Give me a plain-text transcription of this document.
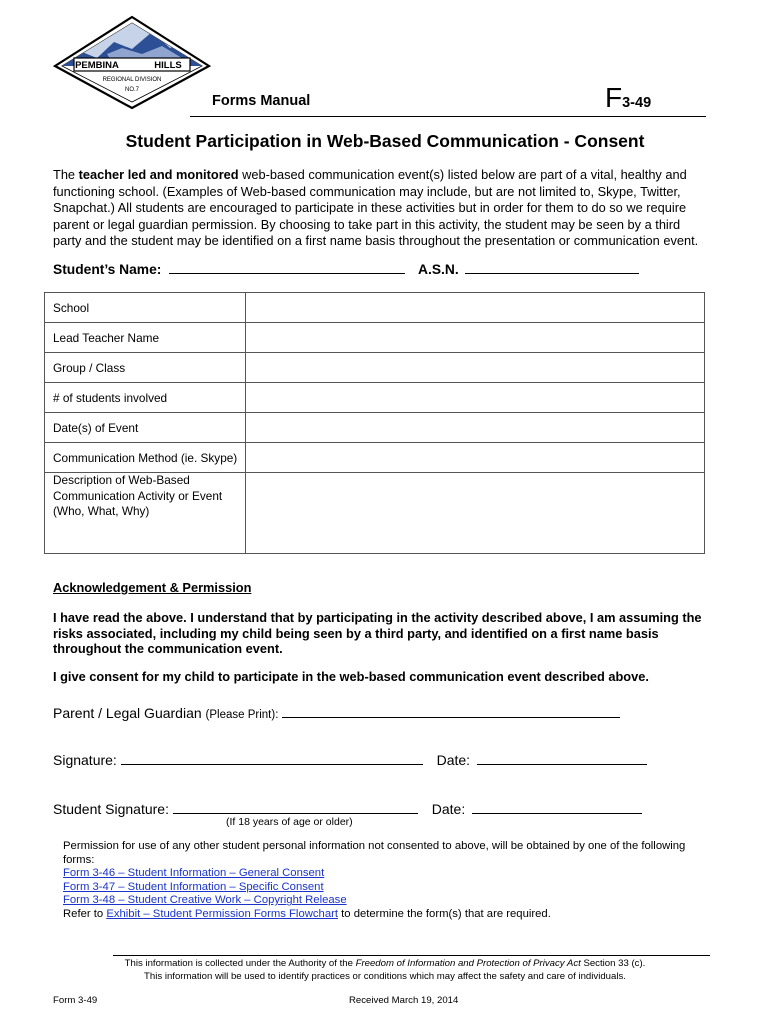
PEMBINA	HILLS
REGIONAL DIVISION
NO.7
Forms Manual	F3-49
Student Participation in Web-Based Communication - Consent
The teacher led and monitored web-based communication event(s) listed below are part of a vital, healthy and functioning school. (Examples of Web-based communication may include, but are not limited to, Skype, Twitter, Snapchat.) All students are encouraged to participate in these activities but in order for them to do so we require parent or legal guardian permission. By choosing to take part in this activity, the student may be seen by a third party and the student may be identified on a first name basis throughout the presentation or communication event.
Student’s Name:	A.S.N.
School	
Lead Teacher Name	
Group / Class	
# of students involved	
Date(s) of Event	
Communication Method (ie. Skype)	

Description of Web-Based
Communication Activity or Event
(Who, What, Why)	

Acknowledgement & Permission
I have read the above. I understand that by participating in the activity described above, I am assuming the risks associated, including my child being seen by a third party, and identified on a first name basis throughout the communication event.
I give consent for my child to participate in the web-based communication event described above.
Parent / Legal Guardian (Please Print):
Signature:	Date:
Student Signature:	Date:
(If 18 years of age or older)
Permission for use of any other student personal information not consented to above, will be obtained by one of the following forms:
Form 3-46 – Student Information – General Consent
Form 3-47 – Student Information – Specific Consent
Form 3-48 – Student Creative Work – Copyright Release
Refer to Exhibit – Student Permission Forms Flowchart to determine the form(s) that are required.
This information is collected under the Authority of the Freedom of Information and Protection of Privacy Act Section 33 (c).
This information will be used to identify practices or conditions which may affect the safety and care of individuals.
Form 3-49	Received March 19, 2014
